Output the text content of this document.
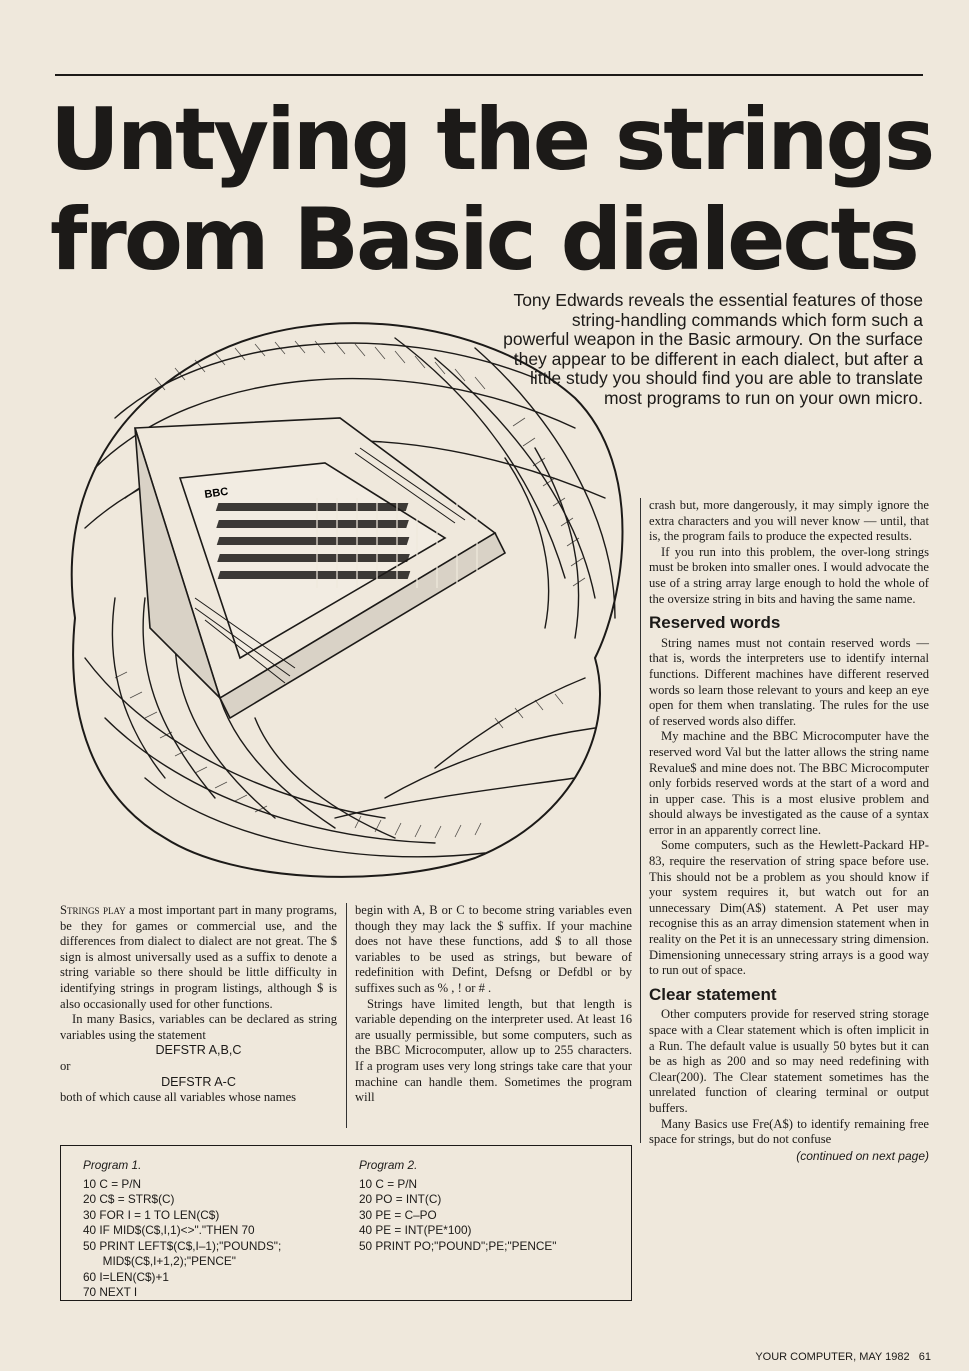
Untying the strings
from Basic dialects
Tony Edwards reveals the essential features of those string-handling commands which form such a powerful weapon in the Basic armoury. On the surface they appear to be different in each dialect, but after a little study you should find you are able to translate most programs to run on your own micro.
BBC

Strings play a most important part in many programs, be they for games or commercial use, and the differences from dialect to dialect are not great. The $ sign is almost universally used as a suffix to denote a string variable so there should be little difficulty in identifying strings in program listings, although $ is also occasionally used for other functions.

In many Basics, variables can be declared as string variables using the statement

DEFSTR A,B,C

or

DEFSTR A-C

both of which cause all variables whose names

begin with A, B or C to become string variables even though they may lack the $ suffix. If your machine does not have these functions, add $ to all those variables to be used as strings, but beware of redefinition with Defint, Defsng or Defdbl or by suffixes such as % , ! or # .

Strings have limited length, but that length is variable depending on the interpreter used. At least 16 are usually permissible, but some computers, such as the BBC Microcomputer, allow up to 255 characters. If a program uses very long strings take care that your machine can handle them. Sometimes the program will

crash but, more dangerously, it may simply ignore the extra characters and you will never know — until, that is, the program fails to produce the expected results.

If you run into this problem, the over-long strings must be broken into smaller ones. I would advocate the use of a string array large enough to hold the whole of the oversize string in bits and having the same name.

Reserved words

String names must not contain reserved words — that is, words the interpreters use to identify internal functions. Different machines have different reserved words so learn those relevant to yours and keep an eye open for them when translating. The rules for the use of reserved words also differ.

My machine and the BBC Microcomputer have the reserved word Val but the latter allows the string name Revalue$ and mine does not. The BBC Microcomputer only forbids reserved words at the start of a word and in upper case. This is a most elusive problem and should always be investigated as the cause of a syntax error in an apparently correct line.

Some computers, such as the Hewlett-Packard HP-83, require the reservation of string space before use. This should not be a problem as you should know if your system requires it, but watch out for an unnecessary Dim(A$) statement. A Pet user may recognise this as an array dimension statement when in reality on the Pet it is an unnecessary string dimension. Dimensioning unnecessary string arrays is a good way to run out of space.

Clear statement

Other computers provide for reserved string storage space with a Clear statement which is often implicit in a Run. The default value is usually 50 bytes but it can be as high as 200 and so may need redefining with Clear(200). The Clear statement sometimes has the unrelated function of clearing terminal or output buffers.

Many Basics use Fre(A$) to identify remaining free space for strings, but do not confuse

(continued on next page)
Program 1.
10 C = P/N
20 C$ = STR$(C)
30 FOR I = 1 TO LEN(C$)
40 IF MID$(C$,I,1)<>"."THEN 70
50 PRINT LEFT$(C$,I–1);"POUNDS";
MID$(C$,I+1,2);"PENCE"
60 I=LEN(C$)+1
70 NEXT I
Program 2.
10 C = P/N
20 PO = INT(C)
30 PE = C–PO
40 PE = INT(PE*100)
50 PRINT PO;"POUND";PE;"PENCE"
YOUR COMPUTER, MAY 1982 61
